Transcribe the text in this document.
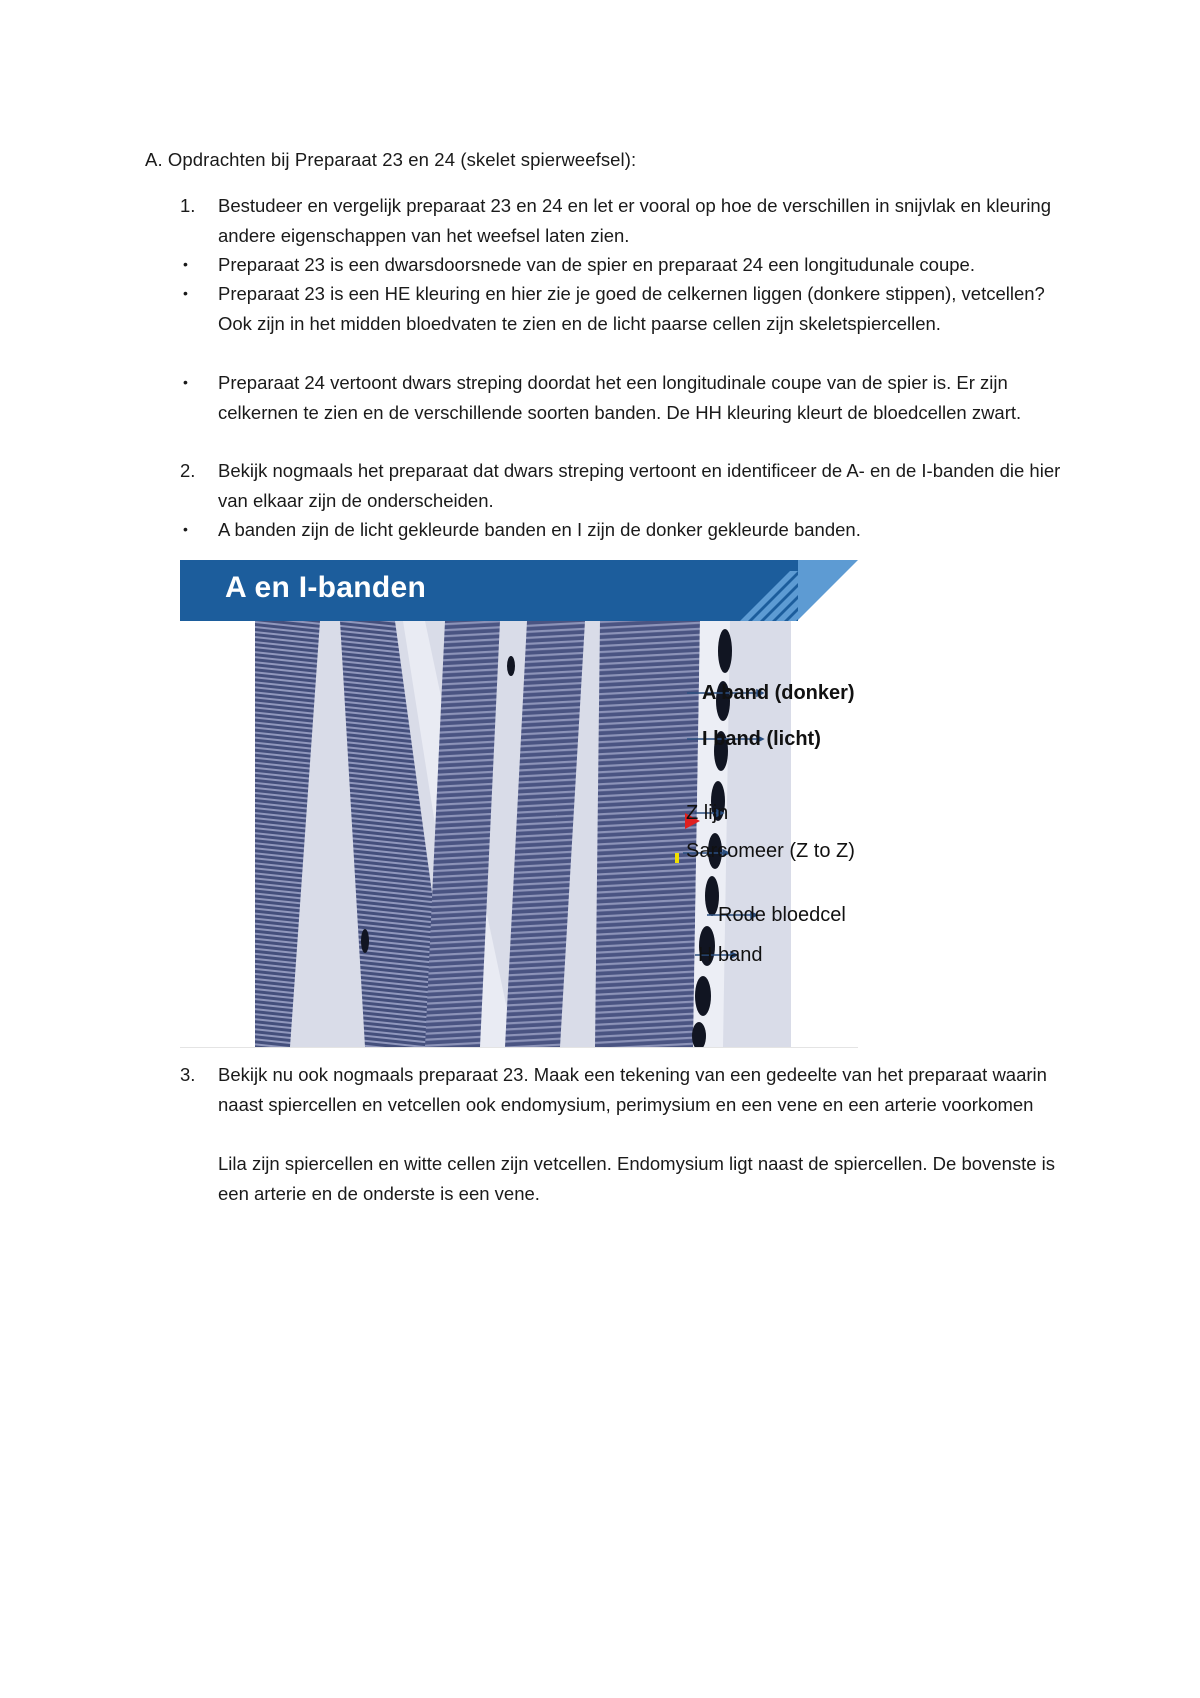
A. Opdrachten bij Preparaat 23 en 24 (skelet spierweefsel):
1.	Bestudeer en vergelijk preparaat 23 en 24 en let er vooral op hoe de verschillen in snijvlak en kleuring andere eigenschappen van het weefsel laten zien.
•	Preparaat 23 is een dwarsdoorsnede van de spier en preparaat 24 een longitudunale coupe.
•	Preparaat 23 is een HE kleuring en hier zie je goed de celkernen liggen (donkere stippen), vetcellen? Ook zijn in het midden bloedvaten te zien en de licht paarse cellen zijn skeletspiercellen.
•	Preparaat 24 vertoont dwars streping doordat het een longitudinale coupe van de spier is. Er zijn celkernen te zien en de verschillende soorten banden. De HH kleuring kleurt de bloedcellen zwart.
2.	Bekijk nogmaals het preparaat dat dwars streping vertoont en identificeer de A- en de I-banden die hier van elkaar zijn de onderscheiden.
•	A banden zijn de licht gekleurde banden en I zijn de donker gekleurde banden.
A en I-banden
A band (donker)
I band (licht)
Z lijn
Sarcomeer (Z to Z)
Rode bloedcel
H band
3.	Bekijk nu ook nogmaals preparaat 23. Maak een tekening van een gedeelte van het preparaat waarin naast spiercellen en vetcellen ook endomysium, perimysium en een vene en een arterie voorkomen
Lila zijn spiercellen en witte cellen zijn vetcellen. Endomysium ligt naast de spiercellen. De bovenste is een arterie en de onderste is een vene.
